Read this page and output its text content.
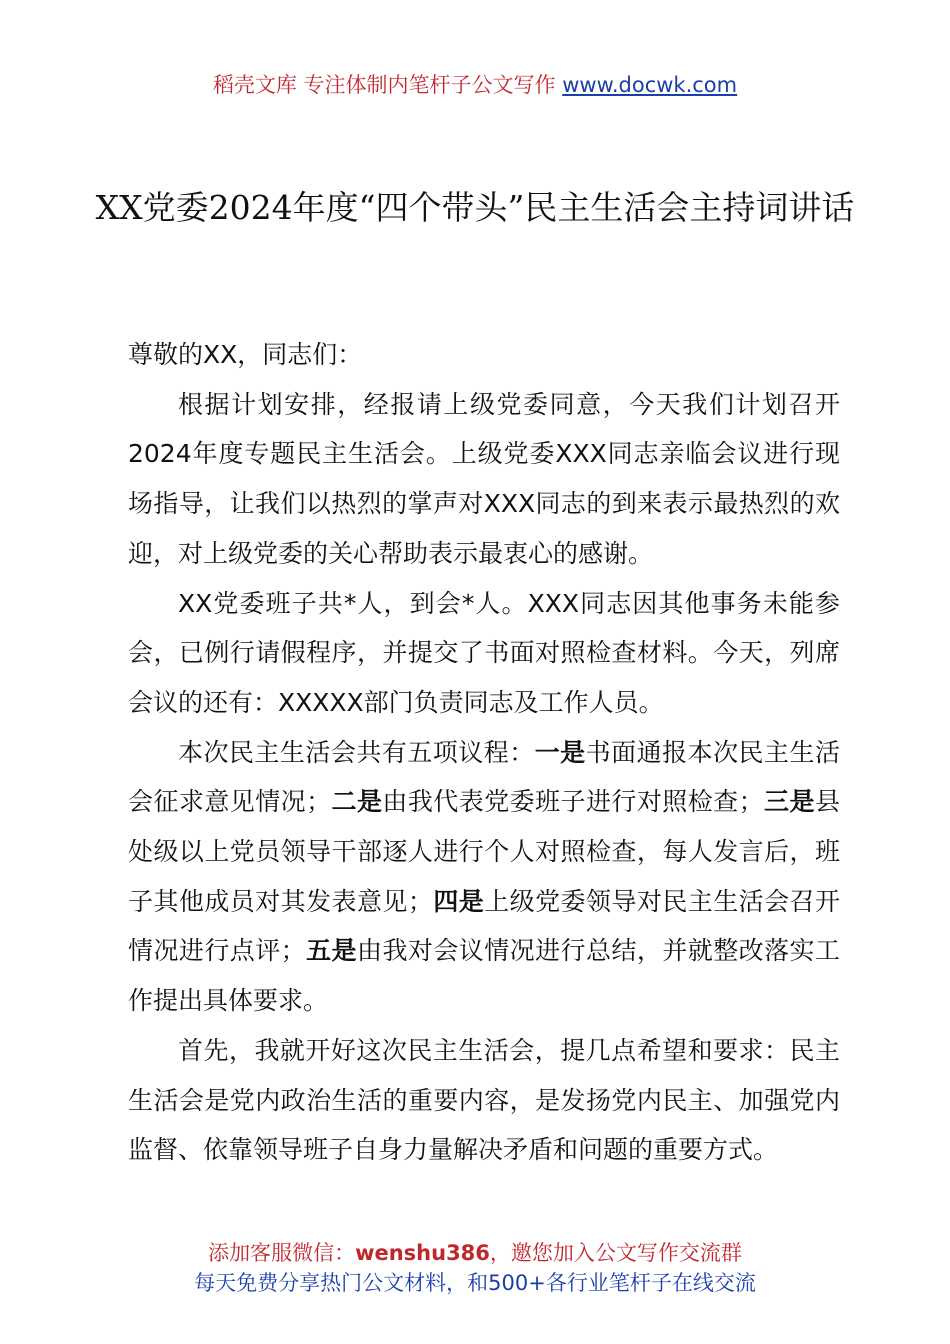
稻壳文库 专注体制内笔杆子公文写作 www.docwk.com
XX党委2024年度“四个带头”民主生活会主持词讲话

尊敬的XX，同志们：

根据计划安排，经报请上级党委同意，今天我们计划召开2024年度专题民主生活会。上级党委XXX同志亲临会议进行现场指导，让我们以热烈的掌声对XXX同志的到来表示最热烈的欢迎，对上级党委的关心帮助表示最衷心的感谢。

XX党委班子共*人，到会*人。XXX同志因其他事务未能参会，已例行请假程序，并提交了书面对照检查材料。今天，列席会议的还有：XXXXX部门负责同志及工作人员。

本次民主生活会共有五项议程：一是书面通报本次民主生活会征求意见情况；二是由我代表党委班子进行对照检查；三是县处级以上党员领导干部逐人进行个人对照检查，每人发言后，班子其他成员对其发表意见；四是上级党委领导对民主生活会召开情况进行点评；五是由我对会议情况进行总结，并就整改落实工作提出具体要求。

首先，我就开好这次民主生活会，提几点希望和要求：民主生活会是党内政治生活的重要内容，是发扬党内民主、加强党内监督、依靠领导班子自身力量解决矛盾和问题的重要方式。

添加客服微信：wenshu386，邀您加入公文写作交流群
每天免费分享热门公文材料，和500+各行业笔杆子在线交流
